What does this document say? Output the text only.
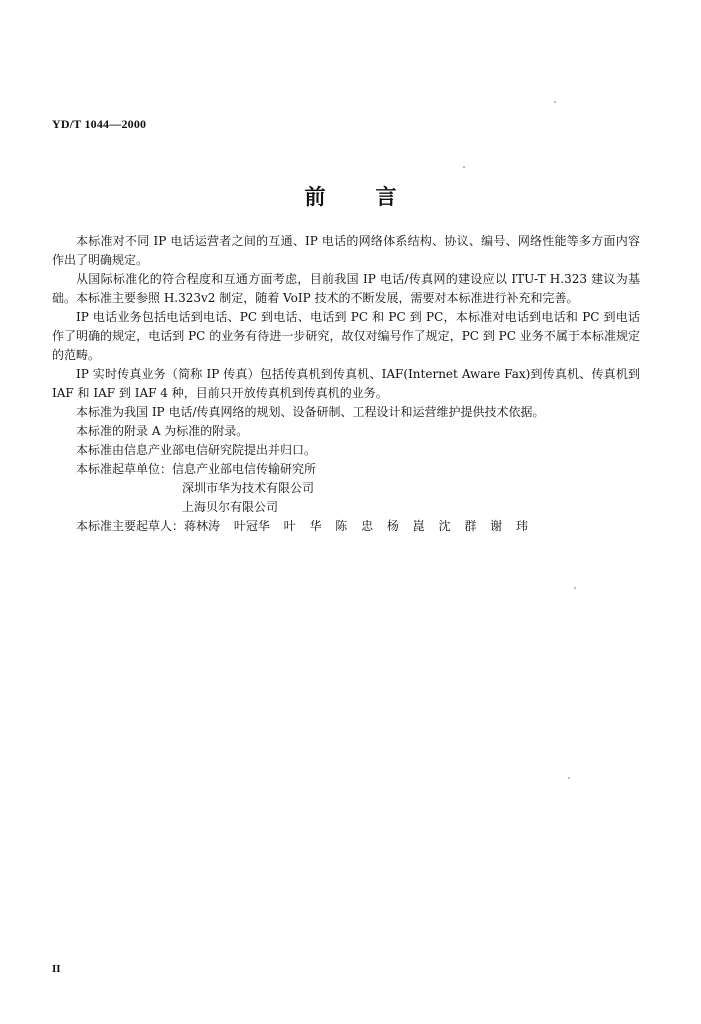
YD/T 1044—2000
前言

本标准对不同 IP 电话运营者之间的互通、IP 电话的网络体系结构、协议、编号、网络性能等多方面内容作出了明确规定。

从国际标准化的符合程度和互通方面考虑，目前我国 IP 电话/传真网的建设应以 ITU-T H.323 建议为基础。本标准主要参照 H.323v2 制定，随着 VoIP 技术的不断发展，需要对本标准进行补充和完善。

IP 电话业务包括电话到电话、PC 到电话、电话到 PC 和 PC 到 PC，本标准对电话到电话和 PC 到电话作了明确的规定，电话到 PC 的业务有待进一步研究，故仅对编号作了规定，PC 到 PC 业务不属于本标准规定的范畴。

IP 实时传真业务（简称 IP 传真）包括传真机到传真机、IAF(Internet Aware Fax)到传真机、传真机到 IAF 和 IAF 到 IAF 4 种，目前只开放传真机到传真机的业务。

本标准为我国 IP 电话/传真网络的规划、设备研制、工程设计和运营维护提供技术依据。

本标准的附录 A 为标准的附录。

本标准由信息产业部电信研究院提出并归口。

本标准起草单位：信息产业部电信传输研究所

深圳市华为技术有限公司

上海贝尔有限公司

本标准主要起草人：蒋林涛 叶冠华 叶 华 陈 忠 杨 崑 沈 群 谢 玮

II
